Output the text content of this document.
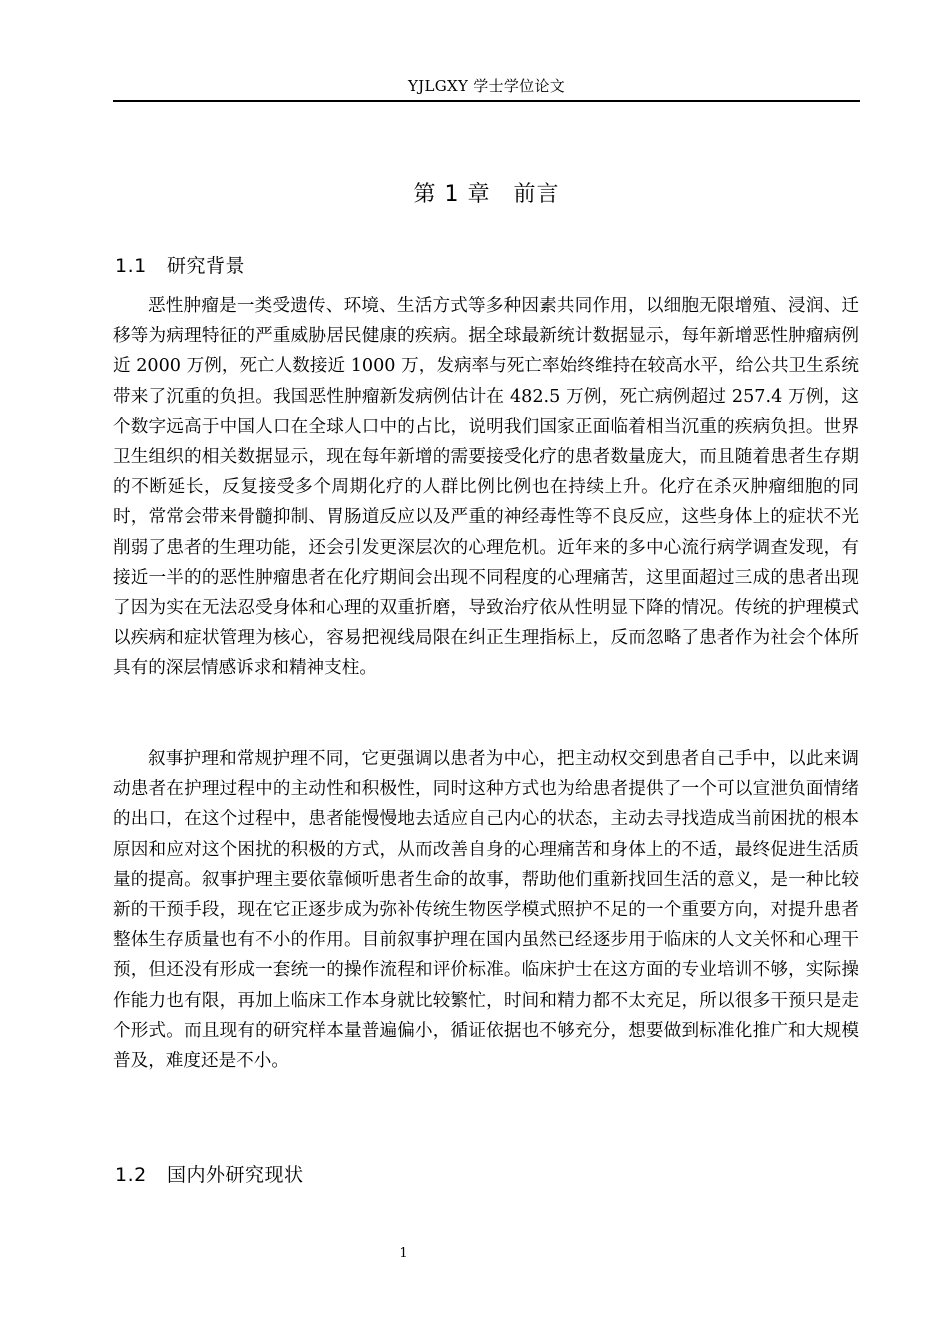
YJLGXY 学士学位论文
第 1 章　前言
1.1 研究背景

恶性肿瘤是一类受遗传、环境、生活方式等多种因素共同作用，以细胞无限增殖、浸润、迁移等为病理特征的严重威胁居民健康的疾病。据全球最新统计数据显示，每年新增恶性肿瘤病例近 2000 万例，死亡人数接近 1000 万，发病率与死亡率始终维持在较高水平，给公共卫生系统带来了沉重的负担。我国恶性肿瘤新发病例估计在 482.5 万例，死亡病例超过 257.4 万例，这个数字远高于中国人口在全球人口中的占比，说明我们国家正面临着相当沉重的疾病负担。世界卫生组织的相关数据显示，现在每年新增的需要接受化疗的患者数量庞大，而且随着患者生存期的不断延长，反复接受多个周期化疗的人群比例比例也在持续上升。化疗在杀灭肿瘤细胞的同时，常常会带来骨髓抑制、胃肠道反应以及严重的神经毒性等不良反应，这些身体上的症状不光削弱了患者的生理功能，还会引发更深层次的心理危机。近年来的多中心流行病学调查发现，有接近一半的的恶性肿瘤患者在化疗期间会出现不同程度的心理痛苦，这里面超过三成的患者出现了因为实在无法忍受身体和心理的双重折磨，导致治疗依从性明显下降的情况。传统的护理模式以疾病和症状管理为核心，容易把视线局限在纠正生理指标上，反而忽略了患者作为社会个体所具有的深层情感诉求和精神支柱。

叙事护理和常规护理不同，它更强调以患者为中心，把主动权交到患者自己手中，以此来调动患者在护理过程中的主动性和积极性，同时这种方式也为给患者提供了一个可以宣泄负面情绪的出口，在这个过程中，患者能慢慢地去适应自己内心的状态，主动去寻找造成当前困扰的根本原因和应对这个困扰的积极的方式，从而改善自身的心理痛苦和身体上的不适，最终促进生活质量的提高。叙事护理主要依靠倾听患者生命的故事，帮助他们重新找回生活的意义，是一种比较新的干预手段，现在它正逐步成为弥补传统生物医学模式照护不足的一个重要方向，对提升患者整体生存质量也有不小的作用。目前叙事护理在国内虽然已经逐步用于临床的人文关怀和心理干预，但还没有形成一套统一的操作流程和评价标准。临床护士在这方面的专业培训不够，实际操作能力也有限，再加上临床工作本身就比较繁忙，时间和精力都不太充足，所以很多干预只是走个形式。而且现有的研究样本量普遍偏小，循证依据也不够充分，想要做到标准化推广和大规模普及，难度还是不小。

1.2 国内外研究现状
1
